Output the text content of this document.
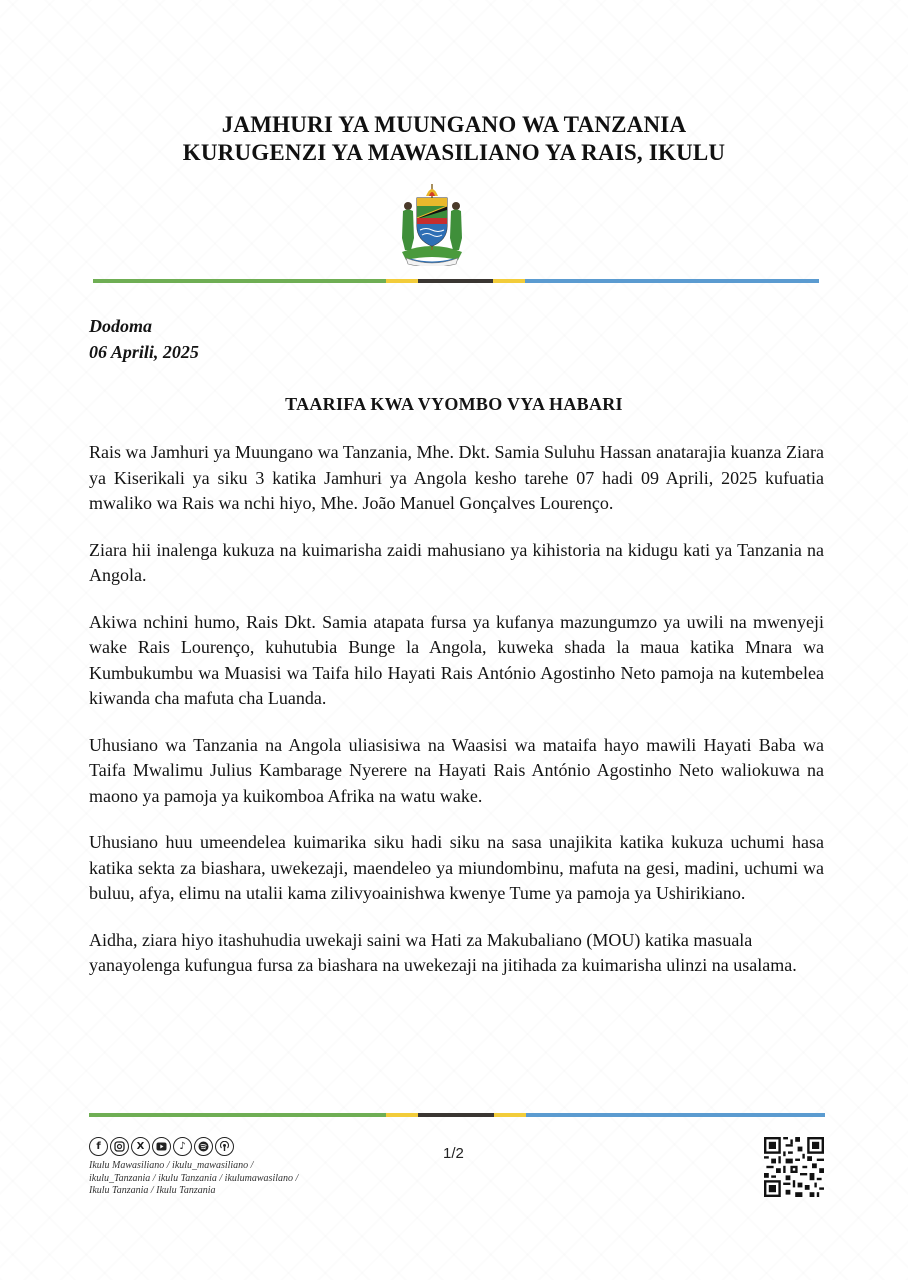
JAMHURI YA MUUNGANO WA TANZANIA
KURUGENZI YA MAWASILIANO YA RAIS, IKULU
Dodoma
06 Aprili, 2025
TAARIFA KWA VYOMBO VYA HABARI

Rais wa Jamhuri ya Muungano wa Tanzania, Mhe. Dkt. Samia Suluhu Hassan anatarajia kuanza Ziara ya Kiserikali ya siku 3 katika Jamhuri ya Angola kesho tarehe 07 hadi 09 Aprili, 2025 kufuatia mwaliko wa Rais wa nchi hiyo, Mhe. João Manuel Gonçalves Lourenço.

Ziara hii inalenga kukuza na kuimarisha zaidi mahusiano ya kihistoria na kidugu kati ya Tanzania na Angola.

Akiwa nchini humo, Rais Dkt. Samia atapata fursa ya kufanya mazungumzo ya uwili na mwenyeji wake Rais Lourenço, kuhutubia Bunge la Angola, kuweka shada la maua katika Mnara wa Kumbukumbu wa Muasisi wa Taifa hilo Hayati Rais António Agostinho Neto pamoja na kutembelea kiwanda cha mafuta cha Luanda.

Uhusiano wa Tanzania na Angola uliasisiwa na Waasisi wa mataifa hayo mawili Hayati Baba wa Taifa Mwalimu Julius Kambarage Nyerere na Hayati Rais António Agostinho Neto waliokuwa na maono ya pamoja ya kuikomboa Afrika na watu wake.

Uhusiano huu umeendelea kuimarika siku hadi siku na sasa unajikita katika kukuza uchumi hasa katika sekta za biashara, uwekezaji, maendeleo ya miundombinu, mafuta na gesi, madini, uchumi wa buluu, afya, elimu na utalii kama zilivyoainishwa kwenye Tume ya pamoja ya Ushirikiano.

Aidha, ziara hiyo itashuhudia uwekaji saini wa Hati za Makubaliano (MOU) katika masuala yanayolenga kufungua fursa za biashara na uwekezaji na jitihada za kuimarisha ulinzi na usalama.

f	X	♪
Ikulu Mawasiliano / ikulu_mawasiliano / ikulu_Tanzania / ikulu Tanzania / ikulumawasilano / Ikulu Tanzania / Ikulu Tanzania
1/2
